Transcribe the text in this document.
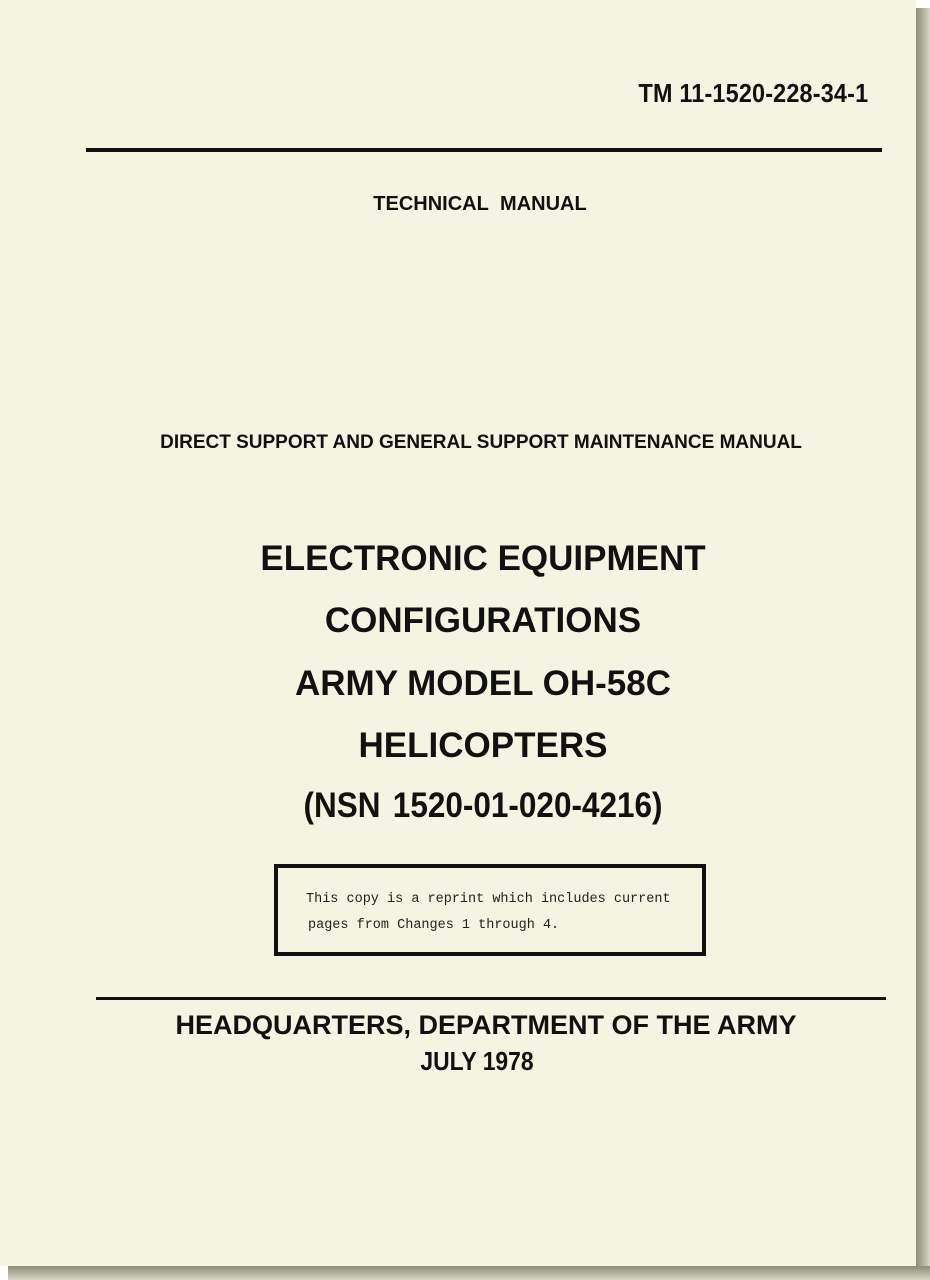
TM 11-1520-228-34-1
TECHNICAL MANUAL
DIRECT SUPPORT AND GENERAL SUPPORT MAINTENANCE MANUAL
ELECTRONIC EQUIPMENT
CONFIGURATIONS
ARMY MODEL OH-58C
HELICOPTERS
(NSN 1520-01-020-4216)
This copy is a reprint which includes current
pages from Changes 1 through 4.
HEADQUARTERS, DEPARTMENT OF THE ARMY
JULY 1978
